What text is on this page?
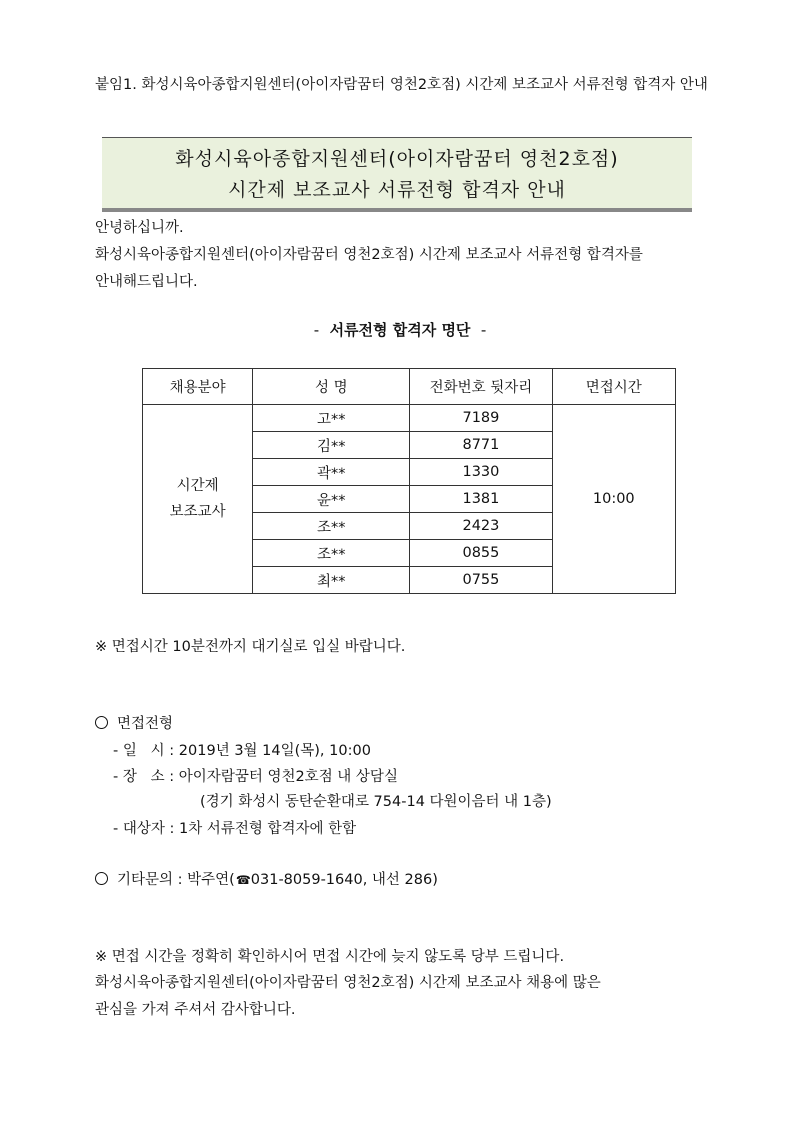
붙임1. 화성시육아종합지원센터(아이자람꿈터 영천2호점) 시간제 보조교사 서류전형 합격자 안내
화성시육아종합지원센터(아이자람꿈터 영천2호점)
시간제 보조교사 서류전형 합격자 안내
안녕하십니까.
화성시육아종합지원센터(아이자람꿈터 영천2호점) 시간제 보조교사 서류전형 합격자를
안내해드립니다.
- 서류전형 합격자 명단 -
채용분야	성 명	전화번호 뒷자리	면접시간

시간제
보조교사	고**	7189	10:00
	김**	8771	
	곽**	1330	
	윤**	1381	
	조**	2423	
	조**	0855	
	최**	0755	
※ 면접시간 10분전까지 대기실로 입실 바랍니다.
면접전형
- 일   시 : 2019년 3월 14일(목), 10:00
- 장   소 : 아이자람꿈터 영천2호점 내 상담실
(경기 화성시 동탄순환대로 754-14 다원이음터 내 1층)
- 대상자 : 1차 서류전형 합격자에 한함
기타문의 : 박주연(☎031-8059-1640, 내선 286)
※ 면접 시간을 정확히 확인하시어 면접 시간에 늦지 않도록 당부 드립니다.
화성시육아종합지원센터(아이자람꿈터 영천2호점) 시간제 보조교사 채용에 많은
관심을 가져 주셔서 감사합니다.
